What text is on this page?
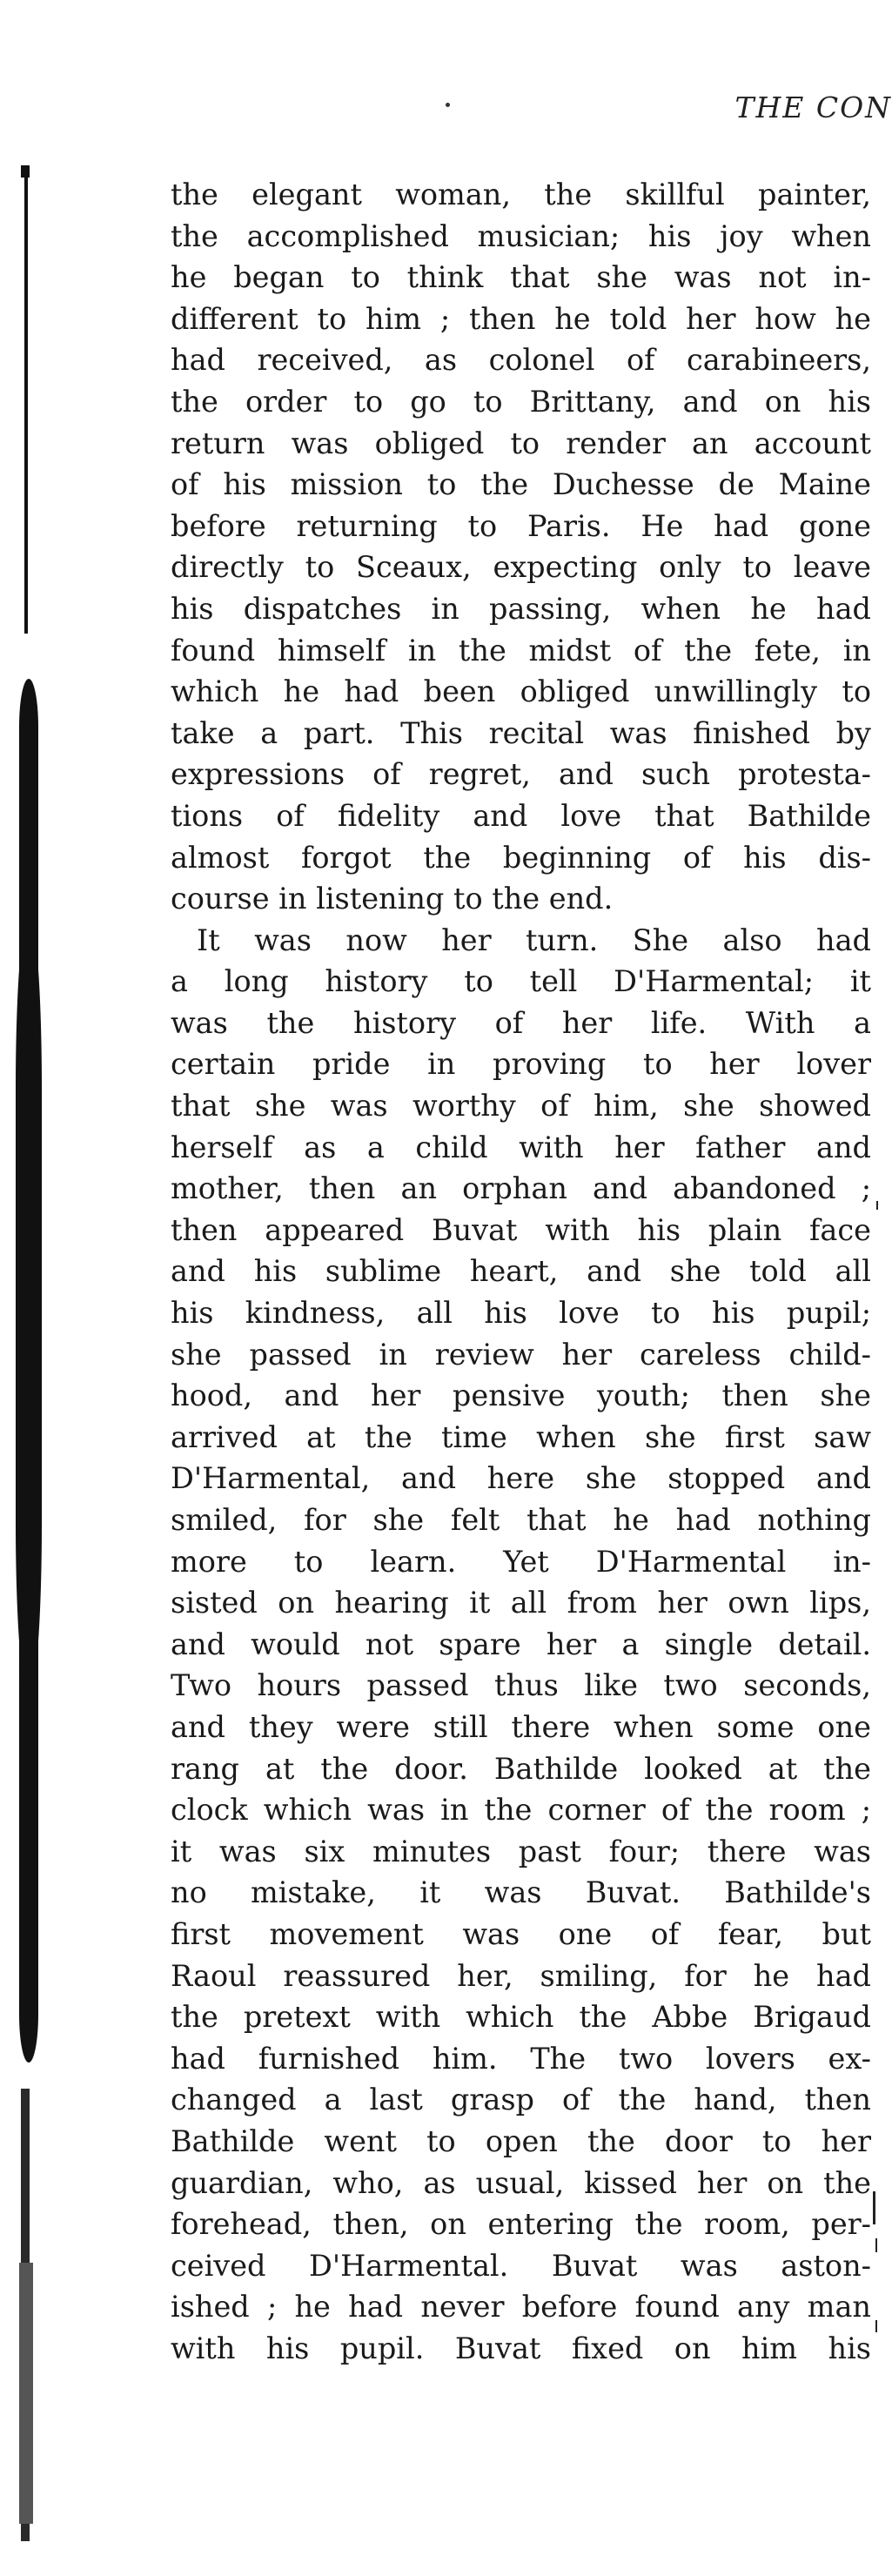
THE CON
the elegant woman, the skillful painter,
the accomplished musician; his joy when
he began to think that she was not in-
different to him ; then he told her how he
had received, as colonel of carabineers,
the order to go to Brittany, and on his
return was obliged to render an account
of his mission to the Duchesse de Maine
before returning to Paris. He had gone
directly to Sceaux, expecting only to leave
his dispatches in passing, when he had
found himself in the midst of the fete, in
which he had been obliged unwillingly to
take a part. This recital was finished by
expressions of regret, and such protesta-
tions of fidelity and love that Bathilde
almost forgot the beginning of his dis-
course in listening to the end.
It was now her turn. She also had
a long history to tell D'Harmental; it
was the history of her life. With a
certain pride in proving to her lover
that she was worthy of him, she showed
herself as a child with her father and
mother, then an orphan and abandoned ;
then appeared Buvat with his plain face
and his sublime heart, and she told all
his kindness, all his love to his pupil;
she passed in review her careless child-
hood, and her pensive youth; then she
arrived at the time when she first saw
D'Harmental, and here she stopped and
smiled, for she felt that he had nothing
more to learn. Yet D'Harmental in-
sisted on hearing it all from her own lips,
and would not spare her a single detail.
Two hours passed thus like two seconds,
and they were still there when some one
rang at the door. Bathilde looked at the
clock which was in the corner of the room ;
it was six minutes past four; there was
no mistake, it was Buvat. Bathilde's
first movement was one of fear, but
Raoul reassured her, smiling, for he had
the pretext with which the Abbe Brigaud
had furnished him. The two lovers ex-
changed a last grasp of the hand, then
Bathilde went to open the door to her
guardian, who, as usual, kissed her on the
forehead, then, on entering the room, per-
ceived D'Harmental. Buvat was aston-
ished ; he had never before found any man
with his pupil. Buvat fixed on him his
